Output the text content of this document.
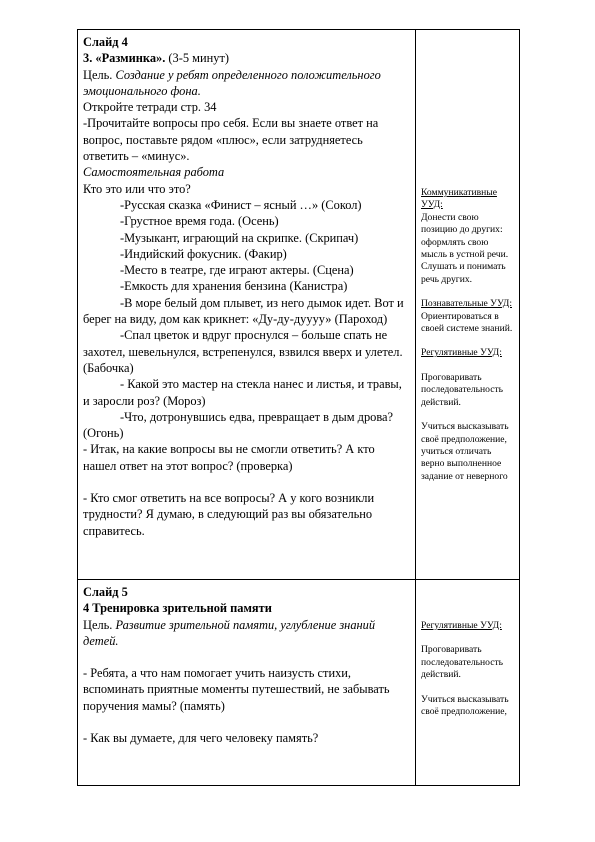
Слайд 4

3. «Разминка». (3-5 минут)

Цель. Создание у ребят определенного положительного эмоционального фона.

Откройте тетради стр. 34

-Прочитайте вопросы про себя. Если вы знаете ответ на вопрос, поставьте рядом «плюс», если затрудняетесь ответить – «минус».

Самостоятельная работа

Кто это или что это?

-Русская сказка «Финист – ясный …» (Сокол)

-Грустное время года. (Осень)

-Музыкант, играющий на скрипке. (Скрипач)

-Индийский фокусник. (Факир)

-Место в театре, где играют актеры. (Сцена)

-Емкость для хранения бензина (Канистра)

-В море белый дом плывет, из него дымок идет. Вот и берег на виду, дом как крикнет: «Ду-ду-дуууу» (Пароход)

-Спал цветок и вдруг проснулся – больше спать не захотел, шевельнулся, встрепенулся, взвился вверх и улетел. (Бабочка)

- Какой это мастер на стекла нанес и листья, и травы, и заросли роз? (Мороз)

-Что, дотронувшись едва, превращает в дым дрова? (Огонь)

- Итак, на какие вопросы вы не смогли ответить? А кто нашел ответ на этот вопрос? (проверка)

- Кто смог ответить на все вопросы? А у кого возникли трудности? Я думаю, в следующий раз вы обязательно справитесь.

Коммуникативные УУД:

Донести свою позицию до других: оформлять свою мысль в устной речи.

Слушать и понимать речь других.

Познавательные УУД:

Ориентироваться в своей системе знаний.

Регулятивные УУД:

Проговаривать последовательность действий.

Учиться высказывать своё предположение, учиться отличать верно выполненное задание от неверного

Слайд 5

4 Тренировка зрительной памяти

Цель. Развитие зрительной памяти, углубление знаний детей.

- Ребята, а что нам помогает учить наизусть стихи, вспоминать приятные моменты путешествий, не забывать поручения мамы? (память)

- Как вы думаете, для чего человеку память?

Регулятивные УУД:

Проговаривать последовательность действий.

Учиться высказывать своё предположение,
